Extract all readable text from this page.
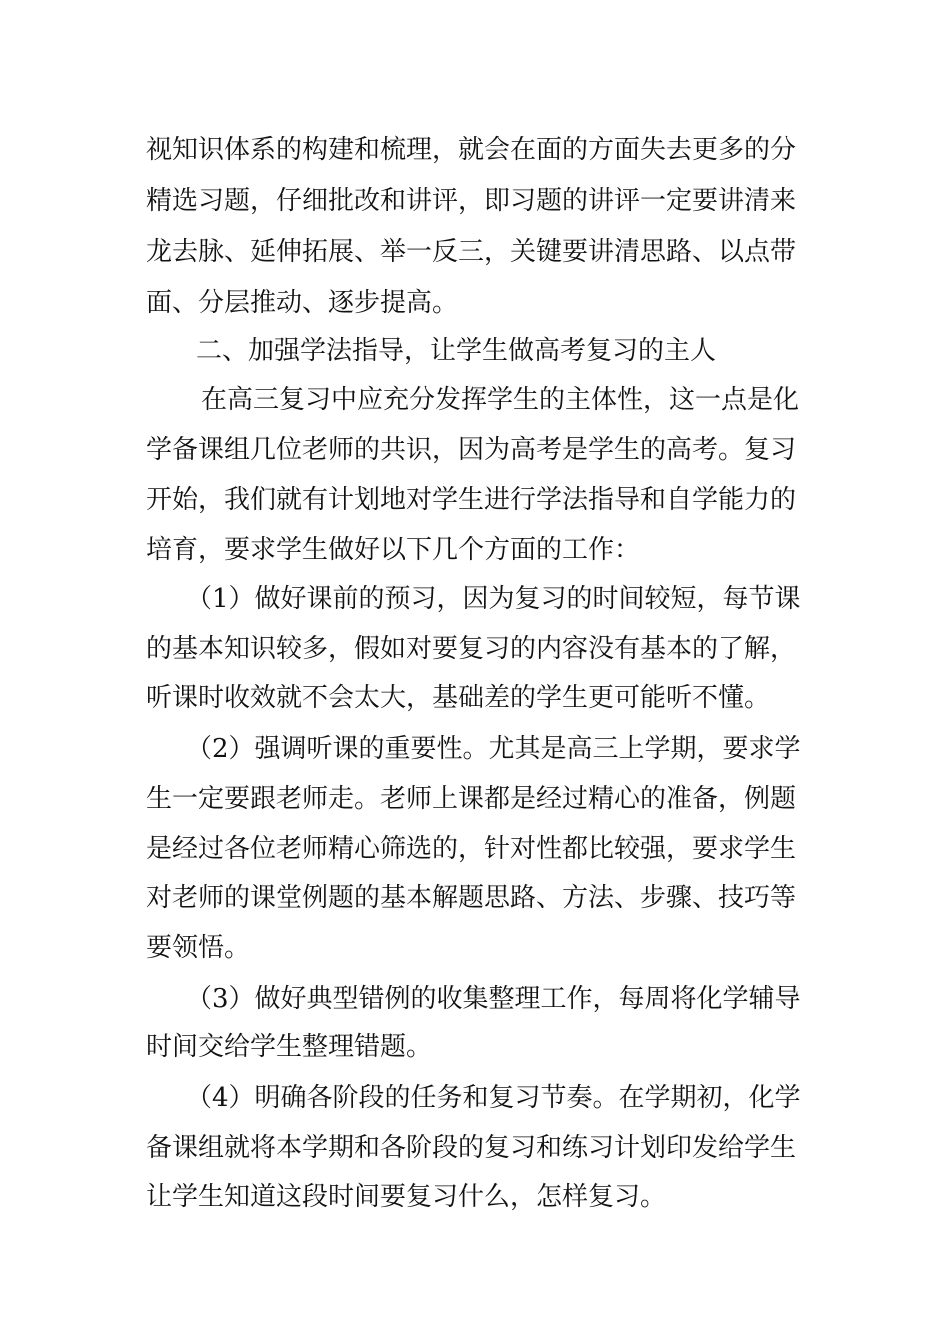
视知识体系的构建和梳理，就会在面的方面失去更多的分
精选习题，仔细批改和讲评，即习题的讲评一定要讲清来
龙去脉、延伸拓展、举一反三，关键要讲清思路、以点带
面、分层推动、逐步提高。
二、加强学法指导，让学生做高考复习的主人
在高三复习中应充分发挥学生的主体性，这一点是化
学备课组几位老师的共识，因为高考是学生的高考。复习
开始，我们就有计划地对学生进行学法指导和自学能力的
培育，要求学生做好以下几个方面的工作：
（1）做好课前的预习，因为复习的时间较短，每节课
的基本知识较多，假如对要复习的内容没有基本的了解，
听课时收效就不会太大，基础差的学生更可能听不懂。
（2）强调听课的重要性。尤其是高三上学期，要求学
生一定要跟老师走。老师上课都是经过精心的准备，例题
是经过各位老师精心筛选的，针对性都比较强，要求学生
对老师的课堂例题的基本解题思路、方法、步骤、技巧等
要领悟。
（3）做好典型错例的收集整理工作，每周将化学辅导
时间交给学生整理错题。
（4）明确各阶段的任务和复习节奏。在学期初，化学
备课组就将本学期和各阶段的复习和练习计划印发给学生
让学生知道这段时间要复习什么，怎样复习。
